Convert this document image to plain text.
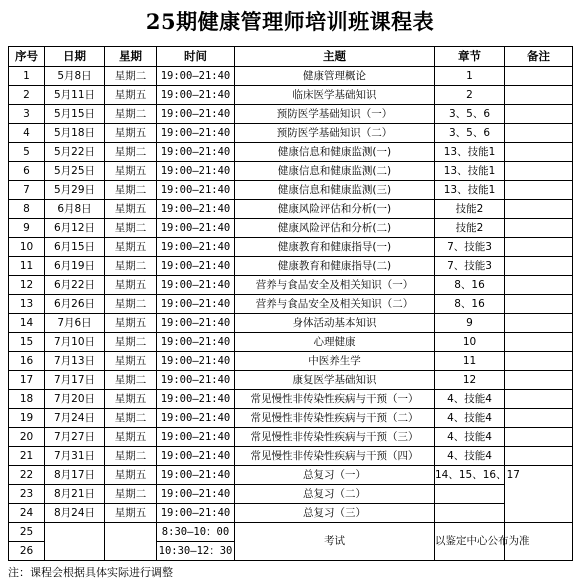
25期健康管理师培训班课程表
序号	日期	星期	时间	主题	章节	备注
1	5月8日	星期二	19:00—21:40	健康管理概论	1	
2	5月11日	星期五	19:00—21:40	临床医学基础知识	2	
3	5月15日	星期二	19:00—21:40	预防医学基础知识（一）	3、5、6	
4	5月18日	星期五	19:00—21:40	预防医学基础知识（二）	3、5、6	
5	5月22日	星期二	19:00—21:40	健康信息和健康监测(一)	13、技能1	
6	5月25日	星期五	19:00—21:40	健康信息和健康监测(二)	13、技能1	
7	5月29日	星期二	19:00—21:40	健康信息和健康监测(三)	13、技能1	
8	6月8日	星期五	19:00—21:40	健康风险评估和分析(一)	技能2	
9	6月12日	星期二	19:00—21:40	健康风险评估和分析(二)	技能2	
10	6月15日	星期五	19:00—21:40	健康教育和健康指导(一)	7、技能3	
11	6月19日	星期二	19:00—21:40	健康教育和健康指导(二)	7、技能3	
12	6月22日	星期五	19:00—21:40	营养与食品安全及相关知识（一）	8、16	
13	6月26日	星期二	19:00—21:40	营养与食品安全及相关知识（二）	8、16	
14	7月6日	星期五	19:00—21:40	身体活动基本知识	9	
15	7月10日	星期二	19:00—21:40	心理健康	10	
16	7月13日	星期五	19:00—21:40	中医养生学	11	
17	7月17日	星期二	19:00—21:40	康复医学基础知识	12	
18	7月20日	星期五	19:00—21:40	常见慢性非传染性疾病与干预（一）	4、技能4	
19	7月24日	星期二	19:00—21:40	常见慢性非传染性疾病与干预（二）	4、技能4	
20	7月27日	星期五	19:00—21:40	常见慢性非传染性疾病与干预（三）	4、技能4	
21	7月31日	星期二	19:00—21:40	常见慢性非传染性疾病与干预（四）	4、技能4	
22	8月17日	星期五	19:00—21:40	总复习（一）	14、15、16、17	
23	8月21日	星期二	19:00—21:40	总复习（二）		
24	8月24日	星期五	19:00—21:40	总复习（三）		
25			8:30—10：00	考试	以鉴定中心公布为准	
26			10:30—12：30			
注：课程会根据具体实际进行调整
